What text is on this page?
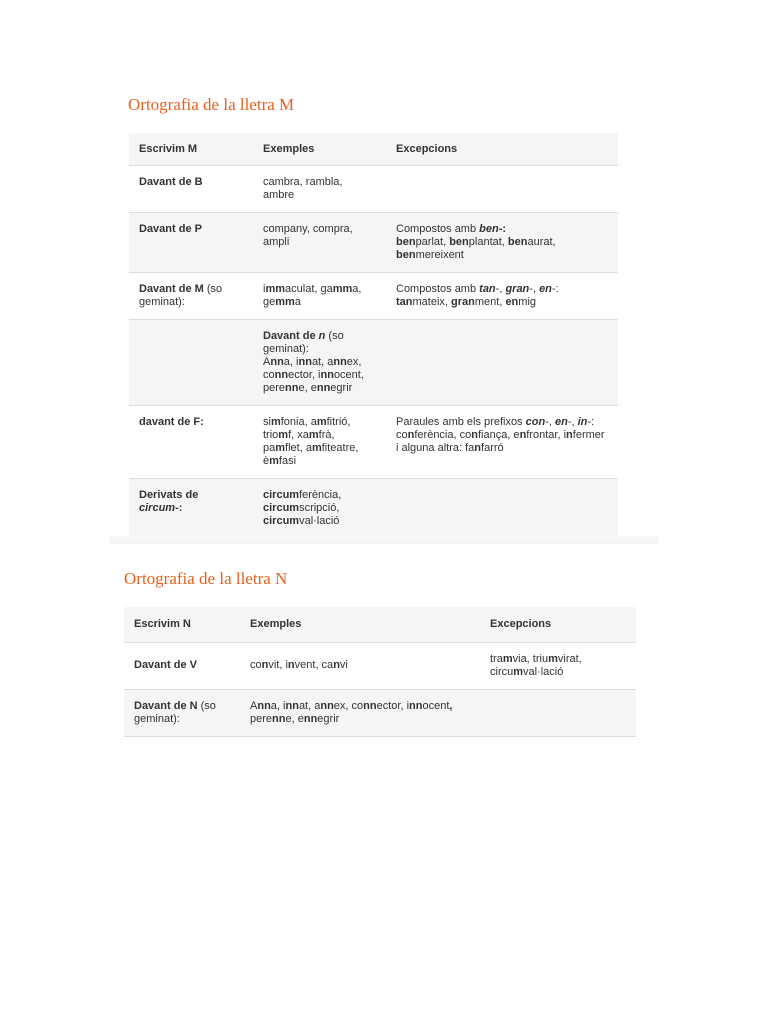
Ortografia de la lletra M
Escrivim M	Exemples	Excepcions
Davant de B	cambra, rambla, ambre	
Davant de P	company, compra, ampli	Compostos amb ben-:
benparlat, benplantat, benaurat, benmereixent
Davant de M (so geminat):	immaculat, gamma, gemma	Compostos amb tan-, gran-, en-:
tanmateix, granment, enmig
	Davant de n (so geminat):
Anna, innat, annex, connector, innocent, perenne, ennegrir	
davant de F:	simfonia, amfitrió, triomf, xamfrà, pamflet, amfiteatre, èmfasi	Paraules amb els prefixos con-, en-, in-:
conferència, confiança, enfrontar, infermer
i alguna altra: fanfarró
Derivats de circum-:	circumferència, circumscripció, circumval·lació	
Ortografia de la lletra N
Escrivim N	Exemples	Excepcions
Davant de V	convit, invent, canvi	tramvia, triumvirat, circumval·lació
Davant de N (so geminat):	Anna, innat, annex, connector, innocent, perenne, ennegrir	
